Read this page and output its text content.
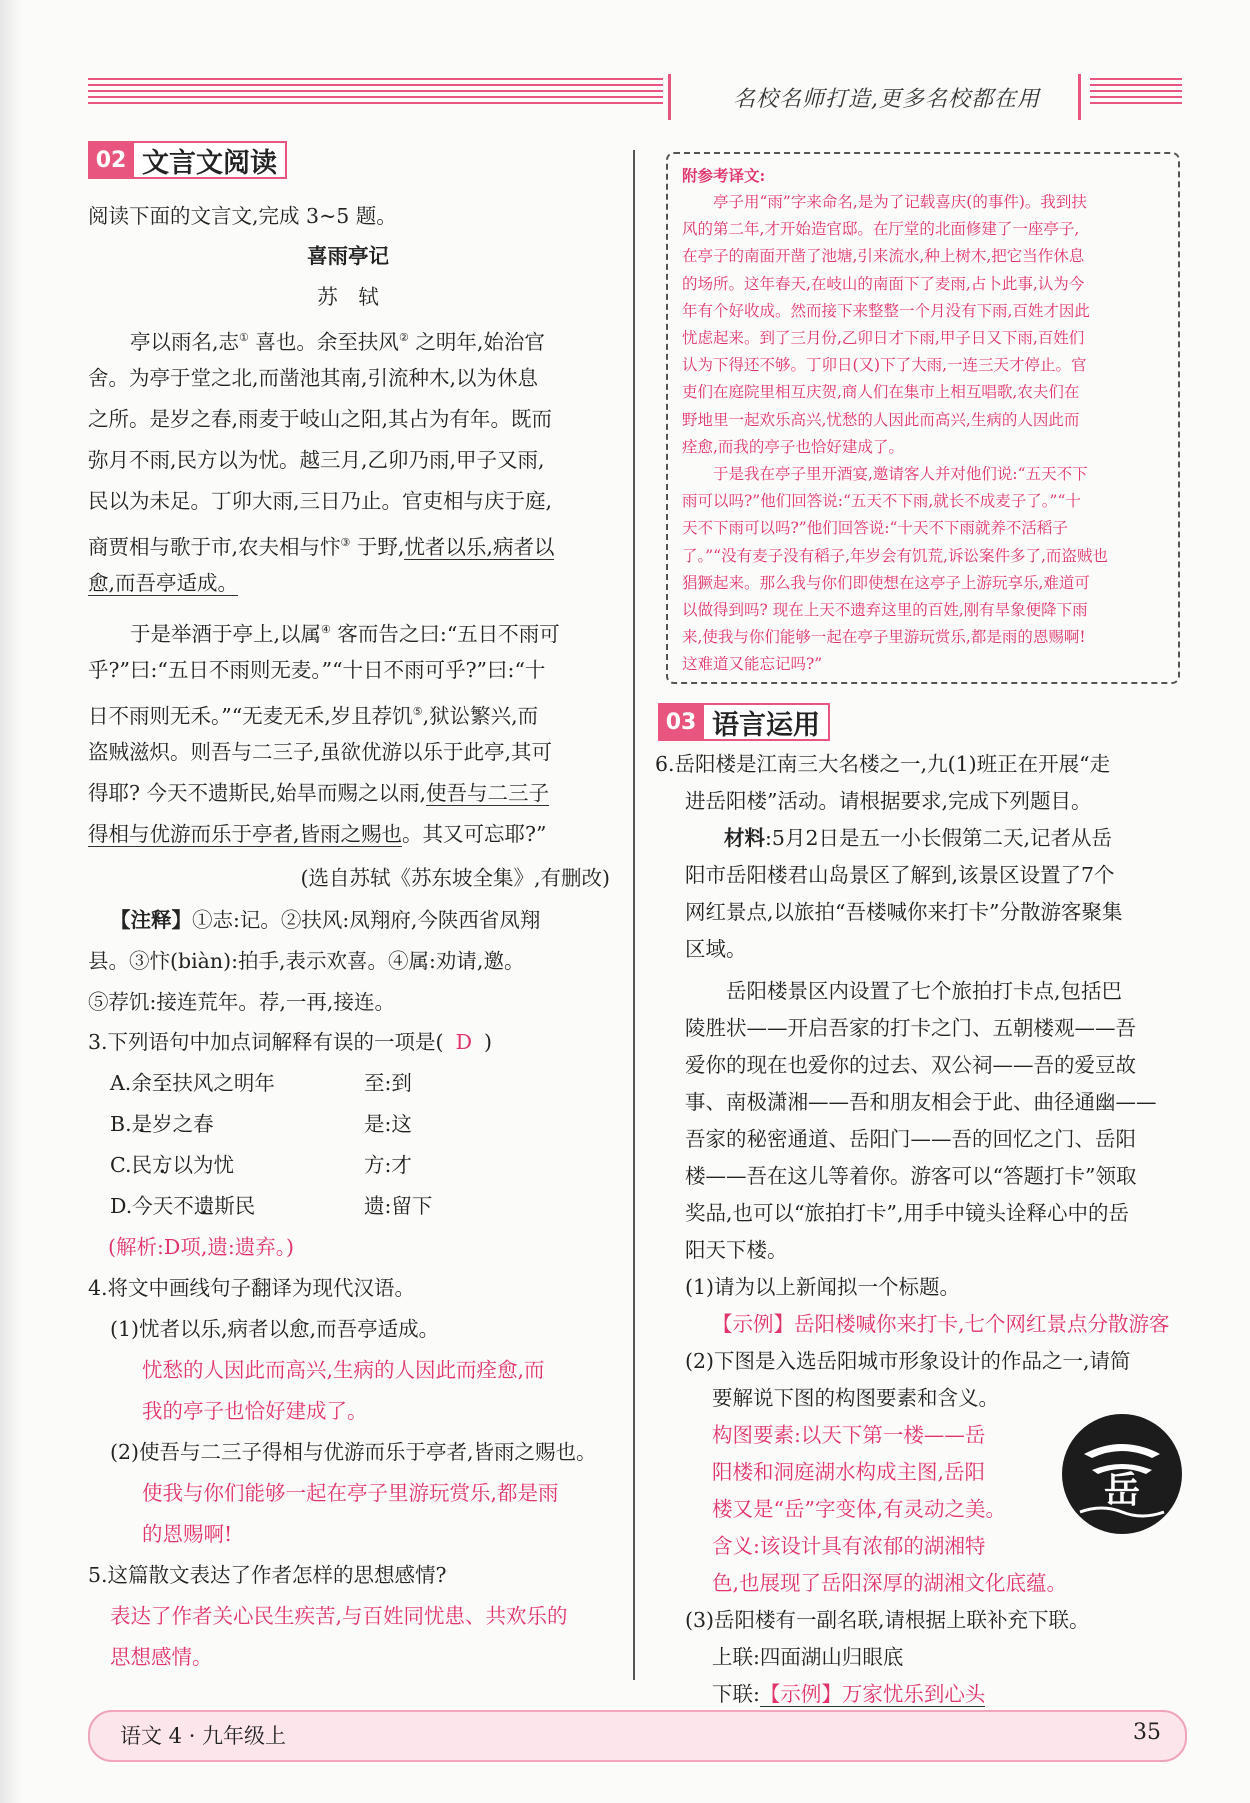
名校名师打造,更多名校都在用
02 文言文阅读
阅读下面的文言文,完成 3~5 题。
喜雨亭记
苏　轼
亭以雨名,志① 喜也。余至扶风② 之明年,始治官
舍。为亭于堂之北,而凿池其南,引流种木,以为休息
之所。是岁之春,雨麦于岐山之阳,其占为有年。既而
弥月不雨,民方以为忧。越三月,乙卯乃雨,甲子又雨,
民以为未足。丁卯大雨,三日乃止。官吏相与庆于庭,
商贾相与歌于市,农夫相与忭③ 于野,忧者以乐,病者以
愈,而吾亭适成。
于是举酒于亭上,以属④ 客而告之曰:“五日不雨可
乎?”曰:“五日不雨则无麦。”“十日不雨可乎?”曰:“十
日不雨则无禾。”“无麦无禾,岁且荐饥⑤,狱讼繁兴,而
盗贼滋炽。则吾与二三子,虽欲优游以乐于此亭,其可
得耶? 今天不遗斯民,始旱而赐之以雨,使吾与二三子
得相与优游而乐于亭者,皆雨之赐也。其又可忘耶?”
(选自苏轼《苏东坡全集》,有删改)
【注释】①志:记。②扶风:凤翔府,今陕西省凤翔
县。③忭(biàn):拍手,表示欢喜。④属:劝请,邀。
⑤荐饥:接连荒年。荐,一再,接连。
3.下列语句中加点词解释有误的一项是( D )
A.余至扶风之明年	至:到
B.是岁之春	是:这
C.民方以为忧	方:才
D.今天不遗斯民	遗:留下
(解析:D项,遗:遗弃。)
4.将文中画线句子翻译为现代汉语。
(1)忧者以乐,病者以愈,而吾亭适成。
忧愁的人因此而高兴,生病的人因此而痊愈,而
我的亭子也恰好建成了。
(2)使吾与二三子得相与优游而乐于亭者,皆雨之赐也。
使我与你们能够一起在亭子里游玩赏乐,都是雨
的恩赐啊!
5.这篇散文表达了作者怎样的思想感情?
表达了作者关心民生疾苦,与百姓同忧患、共欢乐的
思想感情。
附参考译文:
　　亭子用“雨”字来命名,是为了记载喜庆(的事件)。我到扶
风的第二年,才开始造官邸。在厅堂的北面修建了一座亭子,
在亭子的南面开凿了池塘,引来流水,种上树木,把它当作休息
的场所。这年春天,在岐山的南面下了麦雨,占卜此事,认为今
年有个好收成。然而接下来整整一个月没有下雨,百姓才因此
忧虑起来。到了三月份,乙卯日才下雨,甲子日又下雨,百姓们
认为下得还不够。丁卯日(又)下了大雨,一连三天才停止。官
吏们在庭院里相互庆贺,商人们在集市上相互唱歌,农夫们在
野地里一起欢乐高兴,忧愁的人因此而高兴,生病的人因此而
痊愈,而我的亭子也恰好建成了。
　　于是我在亭子里开酒宴,邀请客人并对他们说:“五天不下
雨可以吗?”他们回答说:“五天不下雨,就长不成麦子了。”“十
天不下雨可以吗?”他们回答说:“十天不下雨就养不活稻子
了。”“没有麦子没有稻子,年岁会有饥荒,诉讼案件多了,而盗贼也
猖獗起来。那么我与你们即使想在这亭子上游玩享乐,难道可
以做得到吗? 现在上天不遗弃这里的百姓,刚有旱象便降下雨
来,使我与你们能够一起在亭子里游玩赏乐,都是雨的恩赐啊!
这难道又能忘记吗?”
03 语言运用
6.岳阳楼是江南三大名楼之一,九(1)班正在开展“走
进岳阳楼”活动。请根据要求,完成下列题目。
材料:5月2日是五一小长假第二天,记者从岳
阳市岳阳楼君山岛景区了解到,该景区设置了7个
网红景点,以旅拍“吾楼喊你来打卡”分散游客聚集
区域。
　　岳阳楼景区内设置了七个旅拍打卡点,包括巴
陵胜状——开启吾家的打卡之门、五朝楼观——吾
爱你的现在也爱你的过去、双公祠——吾的爱豆故
事、南极潇湘——吾和朋友相会于此、曲径通幽——
吾家的秘密通道、岳阳门——吾的回忆之门、岳阳
楼——吾在这儿等着你。游客可以“答题打卡”领取
奖品,也可以“旅拍打卡”,用手中镜头诠释心中的岳
阳天下楼。
(1)请为以上新闻拟一个标题。
【示例】岳阳楼喊你来打卡,七个网红景点分散游客
(2)下图是入选岳阳城市形象设计的作品之一,请简
要解说下图的构图要素和含义。
构图要素:以天下第一楼——岳
阳楼和洞庭湖水构成主图,岳阳
楼又是“岳”字变体,有灵动之美。
含义:该设计具有浓郁的湖湘特
色,也展现了岳阳深厚的湖湘文化底蕴。
岳
(3)岳阳楼有一副名联,请根据上联补充下联。
上联:四面湖山归眼底
下联:【示例】万家忧乐到心头
语文 4 · 九年级上	35
